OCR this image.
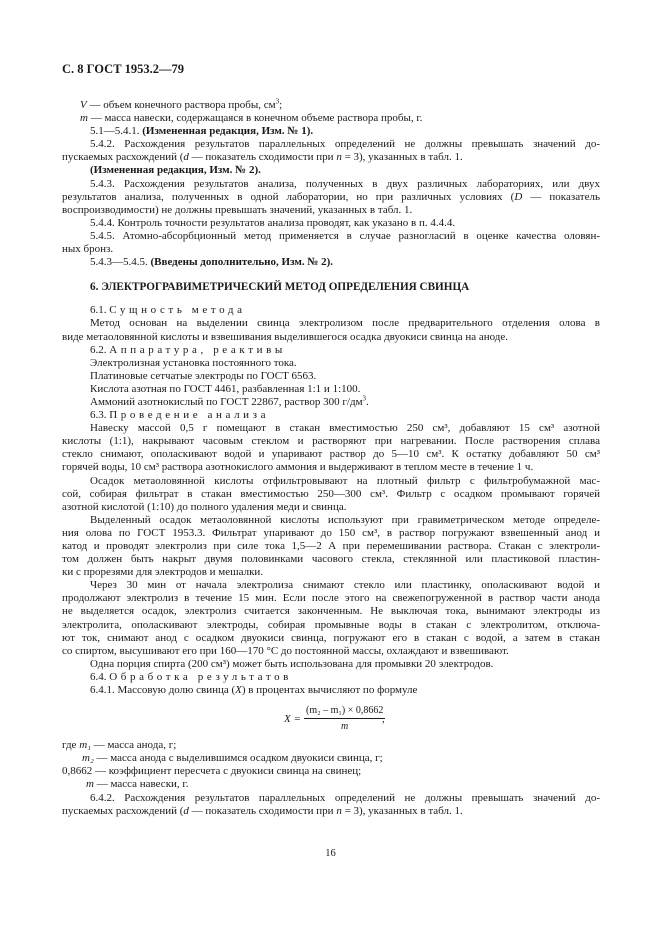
С. 8 ГОСТ 1953.2—79

V — объем конечного раствора пробы, $см^3$;

m — масса навески, содержащаяся в конечном объеме раствора пробы, г.

5.1—5.4.1. (Измененная редакция, Изм. № 1).

5.4.2. Расхождения результатов параллельных определений не должны превышать значений до-

пускаемых расхождений (d — показатель сходимости при n = 3), указанных в табл. 1.

(Измененная редакция, Изм. № 2).

5.4.3. Расхождения результатов анализа, полученных в двух различных лабораториях, или двух

результатов анализа, полученных в одной лаборатории, но при различных условиях (D — показатель

воспроизводимости) не должны превышать значений, указанных в табл. 1.

5.4.4. Контроль точности результатов анализа проводят, как указано в п. 4.4.4.

5.4.5. Атомно-абсорбционный метод применяется в случае разногласий в оценке качества оловян-

ных бронз.

5.4.3—5.4.5. (Введены дополнительно, Изм. № 2).

6. ЭЛЕКТРОГРАВИМЕТРИЧЕСКИЙ МЕТОД ОПРЕДЕЛЕНИЯ СВИНЦА

6.1. Сущность метода

Метод основан на выделении свинца электролизом после предварительного отделения олова в

виде метаоловянной кислоты и взвешивания выделившегося осадка двуокиси свинца на аноде.

6.2. Аппаратура, реактивы

Электролизная установка постоянного тока.

Платиновые сетчатые электроды по ГОСТ 6563.

Кислота азотная по ГОСТ 4461, разбавленная 1:1 и 1:100.

Аммоний азотнокислый по ГОСТ 22867, раствор 300 $г/дм^3$.

6.3. Проведение анализа

Навеску массой 0,5 г помещают в стакан вместимостью 250 см³, добавляют 15 см³ азотной

кислоты (1:1), накрывают часовым стеклом и растворяют при нагревании. После растворения сплава

стекло снимают, ополаскивают водой и упаривают раствор до 5—10 см³. К остатку добавляют 50 см³

горячей воды, 10 см³ раствора азотнокислого аммония и выдерживают в теплом месте в течение 1 ч.

Осадок метаоловянной кислоты отфильтровывают на плотный фильтр с фильтробумажной мас-

сой, собирая фильтрат в стакан вместимостью 250—300 см³. Фильтр с осадком промывают горячей

азотной кислотой (1:10) до полного удаления меди и свинца.

Выделенный осадок метаоловянной кислоты используют при гравиметрическом методе определе-

ния олова по ГОСТ 1953.3. Фильтрат упаривают до 150 см³, в раствор погружают взвешенный анод и

катод и проводят электролиз при силе тока 1,5—2 А при перемешивании раствора. Стакан с электроли-

том должен быть накрыт двумя половинками часового стекла, стеклянной или пластиковой пластин-

ки с прорезями для электродов и мешалки.

Через 30 мин от начала электролиза снимают стекло или пластинку, ополаскивают водой и

продолжают электролиз в течение 15 мин. Если после этого на свежепогруженной в раствор части анода

не выделяется осадок, электролиз считается законченным. Не выключая тока, вынимают электроды из

электролита, ополаскивают электроды, собирая промывные воды в стакан с электролитом, отключа-

ют ток, снимают анод с осадком двуокиси свинца, погружают его в стакан с водой, а затем в стакан

со спиртом, высушивают его при 160—170 °С до постоянной массы, охлаждают и взвешивают.

Одна порция спирта (200 см³) может быть использована для промывки 20 электродов.

6.4. Обработка результатов

6.4.1. Массовую долю свинца (X) в процентах вычисляют по формуле

$X = \frac{\text{(m₂ – m₁) × 0,8662}}{m}$
,

где m₁ — масса анода, г;

m₂ — масса анода с выделившимся осадком двуокиси свинца, г;

0,8662 — коэффициент пересчета с двуокиси свинца на свинец;

m — масса навески, г.

6.4.2. Расхождения результатов параллельных определений не должны превышать значений до-

пускаемых расхождений (d — показатель сходимости при n = 3), указанных в табл. 1.

16
